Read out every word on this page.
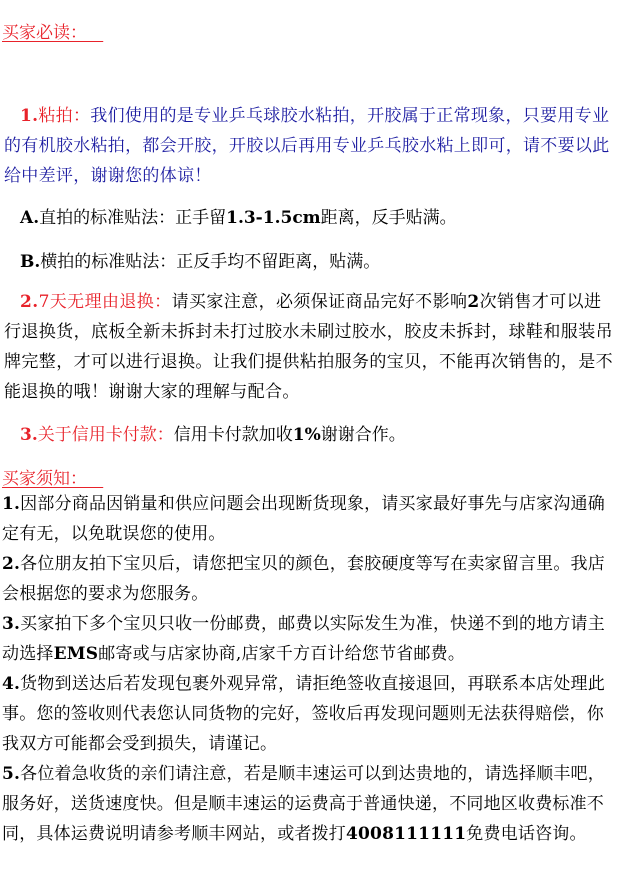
买家必读：
1.粘拍：我们使用的是专业乒乓球胶水粘拍，开胶属于正常现象，只要用专业的有机胶水粘拍，都会开胶，开胶以后再用专业乒乓胶水粘上即可，请不要以此给中差评，谢谢您的体谅！
A.直拍的标准贴法：正手留1.3-1.5cm距离，反手贴满。
B.横拍的标准贴法：正反手均不留距离，贴满。
2.7天无理由退换：请买家注意，必须保证商品完好不影响2次销售才可以进行退换货，底板全新未拆封未打过胶水未刷过胶水，胶皮未拆封，球鞋和服装吊牌完整，才可以进行退换。让我们提供粘拍服务的宝贝，不能再次销售的，是不能退换的哦！谢谢大家的理解与配合。
3.关于信用卡付款：信用卡付款加收1%谢谢合作。
买家须知：

1.因部分商品因销量和供应问题会出现断货现象，请买家最好事先与店家沟通确定有无，以免耽误您的使用。

2.各位朋友拍下宝贝后，请您把宝贝的颜色，套胶硬度等写在卖家留言里。我店会根据您的要求为您服务。

3.买家拍下多个宝贝只收一份邮费，邮费以实际发生为准，快递不到的地方请主动选择EMS邮寄或与店家协商,店家千方百计给您节省邮费。

4.货物到送达后若发现包裹外观异常，请拒绝签收直接退回，再联系本店处理此事。您的签收则代表您认同货物的完好，签收后再发现问题则无法获得赔偿，你我双方可能都会受到损失，请谨记。

5.各位着急收货的亲们请注意，若是顺丰速运可以到达贵地的，请选择顺丰吧，服务好，送货速度快。但是顺丰速运的运费高于普通快递，不同地区收费标准不同，具体运费说明请参考顺丰网站，或者拨打4008111111免费电话咨询。
